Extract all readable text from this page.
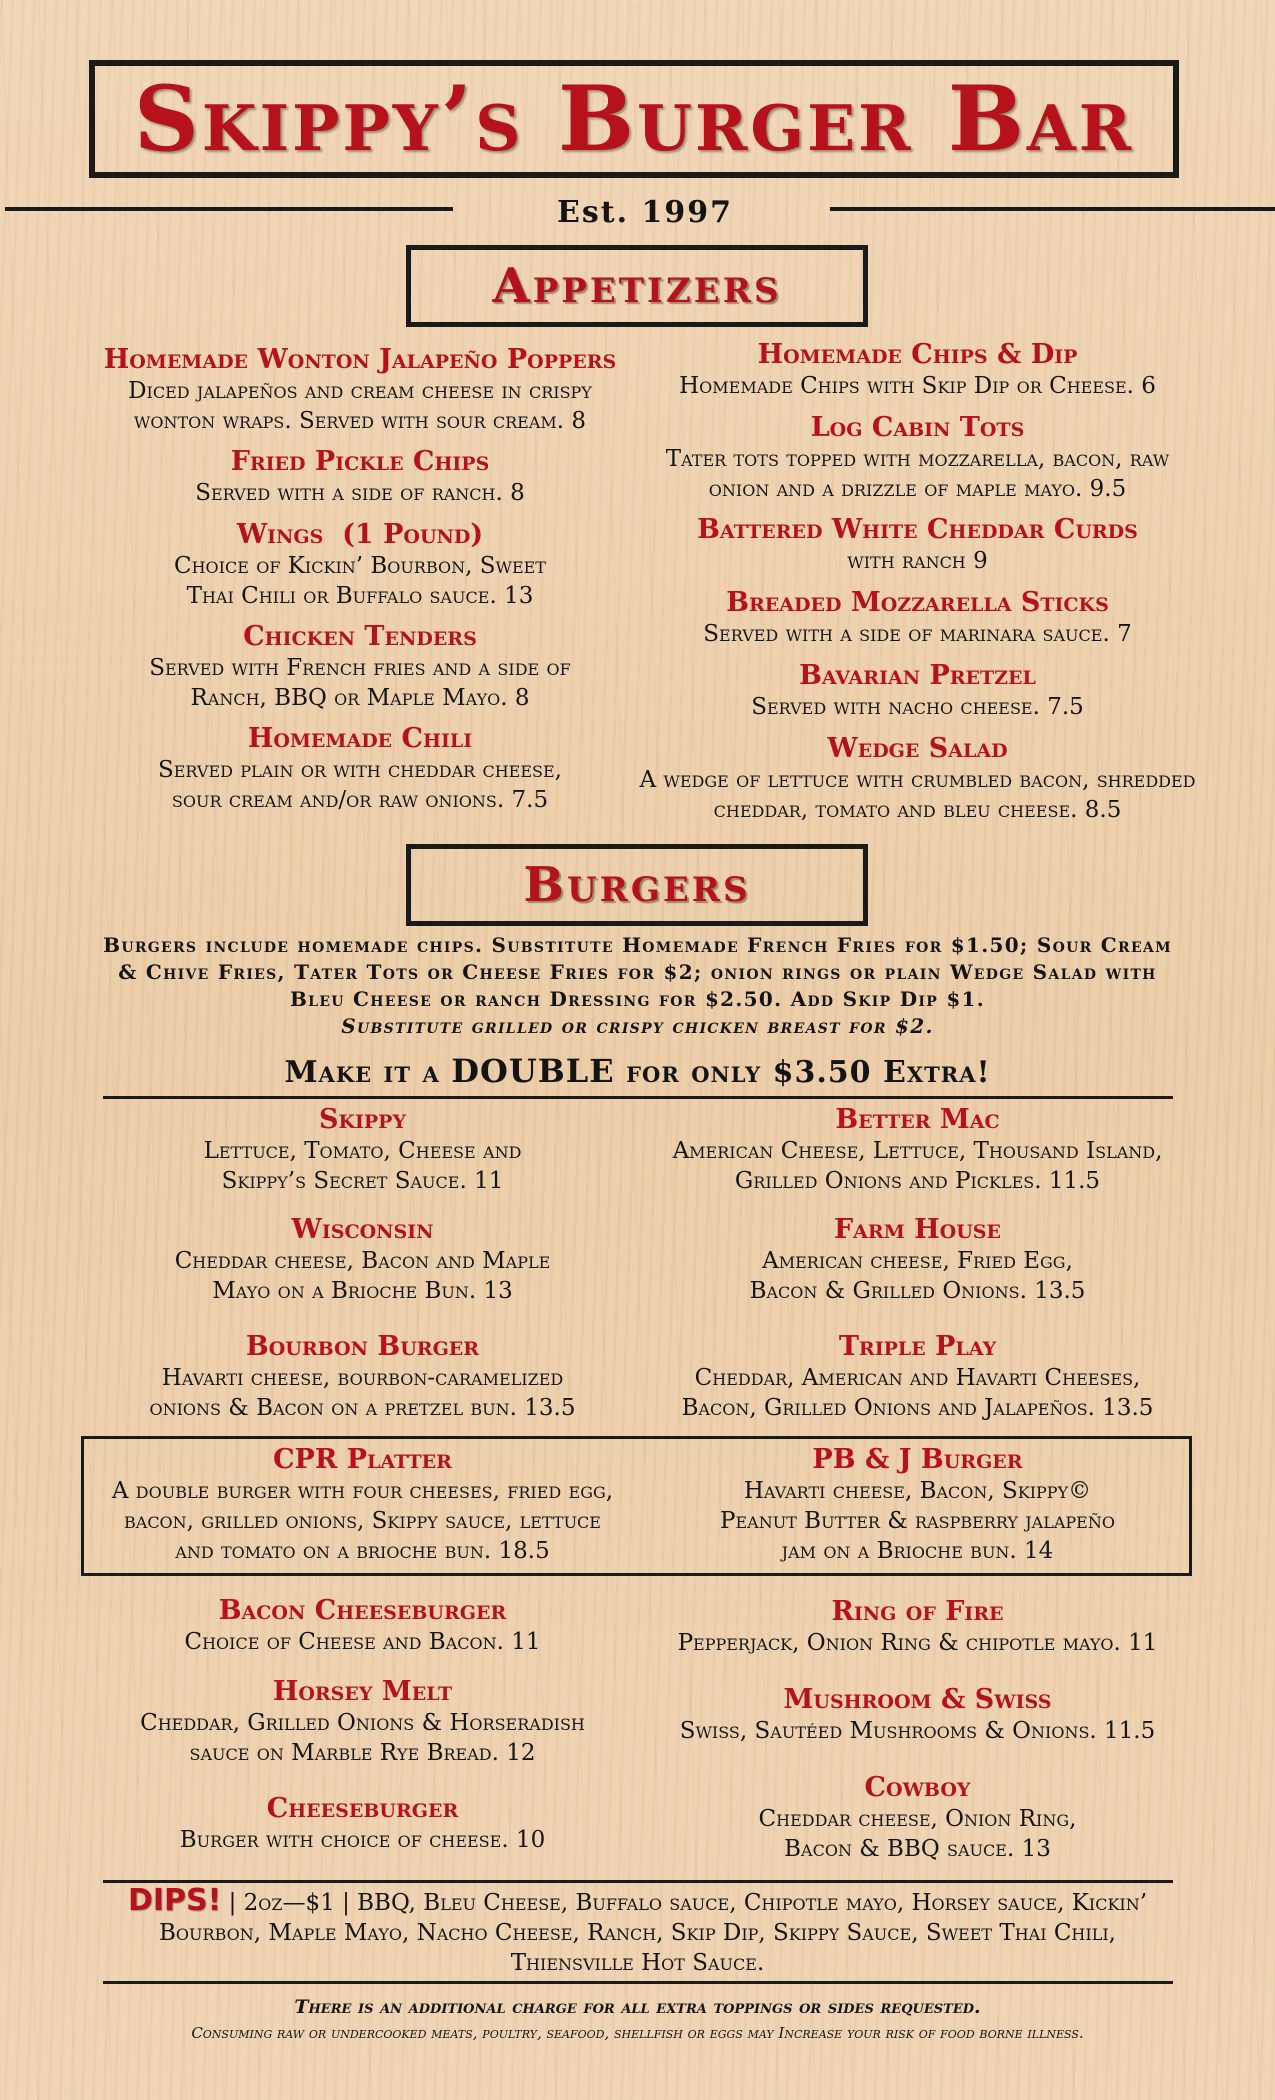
Skippy’s Burger Bar
Est. 1997
Appetizers
Homemade Wonton Jalapeño Poppers
Diced jalapeños and cream cheese in crispy wonton wraps. Served with sour cream. 8
Fried Pickle Chips
Served with a side of ranch. 8
Wings  (1 Pound)
Choice of Kickin’ Bourbon, Sweet Thai Chili or Buffalo sauce. 13
Chicken Tenders
Served with French fries and a side of Ranch, BBQ or Maple Mayo. 8
Homemade Chili
Served plain or with cheddar cheese, sour cream and/or raw onions. 7.5
Homemade Chips & Dip
Homemade Chips with Skip Dip or Cheese. 6
Log Cabin Tots
Tater tots topped with mozzarella, bacon, raw onion and a drizzle of maple mayo. 9.5
Battered White Cheddar Curds
with ranch 9
Breaded Mozzarella Sticks
Served with a side of marinara sauce. 7
Bavarian Pretzel
Served with nacho cheese. 7.5
Wedge Salad
A wedge of lettuce with crumbled bacon, shredded cheddar, tomato and bleu cheese. 8.5
Burgers
Burgers include homemade chips. Substitute Homemade French Fries for $1.50; Sour Cream & Chive Fries, Tater Tots or Cheese Fries for $2; onion rings or plain Wedge Salad with Bleu Cheese or ranch Dressing for $2.50. Add Skip Dip $1.
Substitute grilled or crispy chicken breast for $2.
Make it a DOUBLE for only $3.50 Extra!
Skippy
Lettuce, Tomato, Cheese and Skippy’s Secret Sauce. 11
Wisconsin
Cheddar cheese, Bacon and Maple Mayo on a Brioche Bun. 13
Bourbon Burger
Havarti cheese, bourbon-caramelized onions & Bacon on a pretzel bun. 13.5
CPR Platter
A double burger with four cheeses, fried egg, bacon, grilled onions, Skippy sauce, lettuce and tomato on a brioche bun. 18.5
PB & J Burger
Havarti cheese, Bacon, Skippy© Peanut Butter & raspberry jalapeño jam on a Brioche bun. 14
Bacon Cheeseburger
Choice of Cheese and Bacon. 11
Horsey Melt
Cheddar, Grilled Onions & Horseradish sauce on Marble Rye Bread. 12
Cheeseburger
Burger with choice of cheese. 10
Better Mac
American Cheese, Lettuce, Thousand Island, Grilled Onions and Pickles. 11.5
Farm House
American cheese, Fried Egg, Bacon & Grilled Onions. 13.5
Triple Play
Cheddar, American and Havarti Cheeses, Bacon, Grilled Onions and Jalapeños. 13.5
Ring of Fire
Pepperjack, Onion Ring & chipotle mayo. 11
Mushroom & Swiss
Swiss, Sautéed Mushrooms & Onions. 11.5
Cowboy
Cheddar cheese, Onion Ring, Bacon & BBQ sauce. 13
DIPS! | 2oz—$1 | BBQ, Bleu Cheese, Buffalo sauce, Chipotle mayo, Horsey sauce, Kickin’ Bourbon, Maple Mayo, Nacho Cheese, Ranch, Skip Dip, Skippy Sauce, Sweet Thai Chili, Thiensville Hot Sauce.
There is an additional charge for all extra toppings or sides requested.
Consuming raw or undercooked meats, poultry, seafood, shellfish or eggs may Increase your risk of food borne illness.
